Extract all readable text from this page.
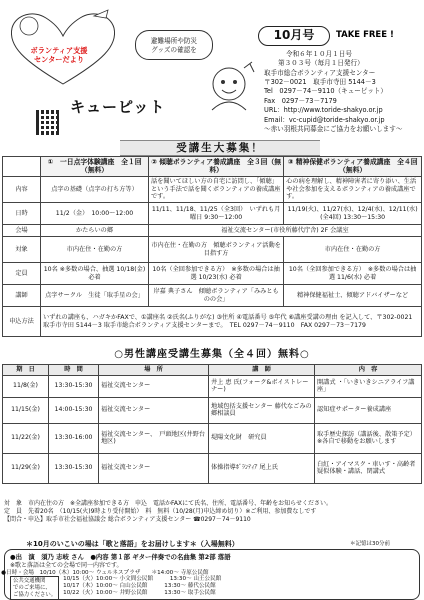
ボランティア支援
センターだより
避難場所や防災
グッズの確認を
キューピット
10月号	TAKE FREE !
令和６年１０月１日号
第３０３号（毎月１日発行）
取手市総合ボランティア支援センター
〒302－0021　取手市寺田 5144－3
Tel　0297－74－9110（キューピット）
Fax　0297－73－7179
URL：http://www.toride-shakyo.or.jp
Email：vc-cupid@toride-shakyo.or.jp
～赤い羽根共同募金にご協力をお願いします～
受講生大募集！
	①　一日点字体験講座　全１回（無料）	② 傾聴ボランティア養成講座　全３回（無料）	③ 精神保健ボランティア養成講座　全４回（無料）
内容	点字の基礎（点字の打ち方等）	話を聞いてほしい方の自宅に訪問し、「傾聴」という手法で話を聞くボランティアの養成講座です。	心の病を理解し、精神障害者に寄り添い、生活や社会参加を支えるボランティアの養成講座です。
日時	11/2（金）　10:00～12:00	11/11、11/18、11/25（全3回）　いずれも月曜日 9:30～12:00	11/19(火)、11/27(水)、12/4(水)、12/11(水)(全4回) 13:30～15:30
会場	かたらいの郷	福祉交流センター(市役所藤代庁舎) 2F 会議室	
対象	市内在住・在勤の方	市内在住・在勤の方　傾聴ボランティア活動を目指す方	市内在住・在勤の方
定員	10名 ※多数の場合、抽選 10/18(金)必着	10名（全回参加できる方）　※多数の場合は抽選 10/23(水) 必着	10名（全回参加できる方）　※多数の場合は抽選 11/6(水) 必着
講師	点字サークル　生徒「取手星の会」	岸嘉 典子さん　傾聴ボランティア「みみとものの会」	精神保健福祉士、傾聴アドバイザーなど
申込方法	いずれの講座も、ハガキかFAXで、①講座名 ②氏名(ふりがな) ③住所 ④電話番号 ⑤年代 ⑥講座受講の理由 を記入して、〒302-0021 取手市寺田 5144－3 取手市総合ボランティア支援センターまで。　TEL 0297－74－9110　FAX 0297－73－7179		
○男性講座受講生募集（全４回）無料○
期　日	時　間	場　所	講　師	内　容
11/8(金)	13:30-15:30	福祉交流センター	井上 恵 氏(フォーク&ボイストレーナー)	開講式 ・「いきいきシニアライフ講座」
11/15(金)	14:00-15:30	福祉交流センター	地域包括支援センター 藤代なごみの郷相談員	認知症サポーター養成講座
11/22(金)	13:30-16:00	福祉交流センター、　戸頭地区(井野台地区)	堤陽文化財　研究員	取手歴史探訪（講話後、散策予定）※各自で移動をお願いします
11/29(金)	13:30-15:30	福祉交流センター	体操指導ﾎﾞﾗﾝﾃｨｱ 尾上氏	白紅・アイマスク・車いす・高齢者疑似体験・講話、閉講式
対　象　市内在住の方　※全講座参加できる方　申込　電話かFAXにて氏名、住所、電話番号、年齢をお知らせください。
定　員　先着20名　（10/15(火)9時より受付開始）　料　無料（10/28(月)申込締め切り）※ご利用、参加費なしです
【問合・申込】取手市社会福祉協議会 総合ボランティア支援センター ☎0297－74－9110
＊10月のいこいの場は「歌と落語」をお届けします＊（入場無料）	＊記憶は30分前
●出　演　須乃 志岐 さん　●内容 第１部 ギター伴奏での名曲集 第2部 落語
※歌と落語は全ての会場で同一内容です。
公共交通機関
でのご来場に、
ご協力ください。
●日時・会場　10/10（木）10:00～ ウェルネスプラザ　　＊14:00～ 寺原公民館
10/15（火）10:00～ 小文間公民館　　　13:30～ 山王公民館
10/17（木）10:00～ 白山公民館　　　13:30～ 藤代公民館
10/22（火）10:00～ 井野公民館　　　13:30～ 取手公民館
